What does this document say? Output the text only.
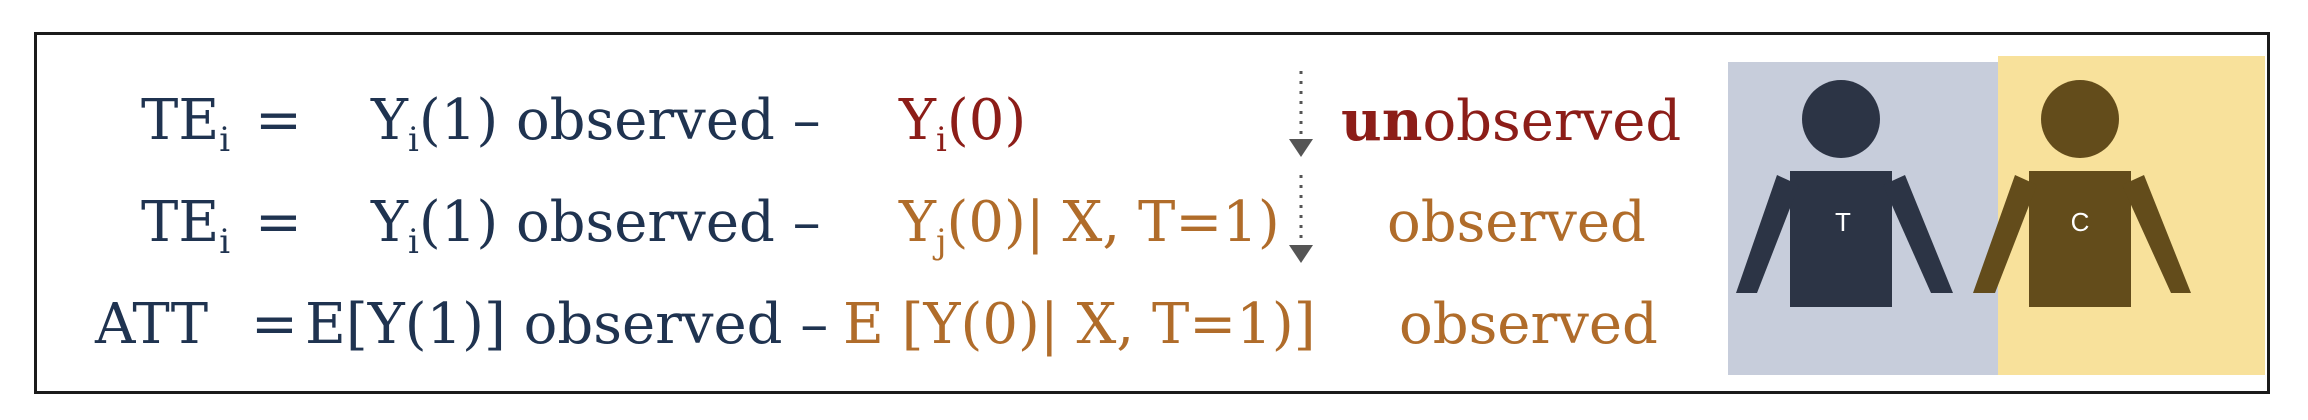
$TE_i = Y_i(1)$ observed – $Y_i(0)$	unobserved
$TE_i = Y_i(1)$ observed – $Y_j(0)|$ X, T=1) observed
ATT = E[Y(1)] observed – E [Y(0)| X, T=1)] observed
T	C
